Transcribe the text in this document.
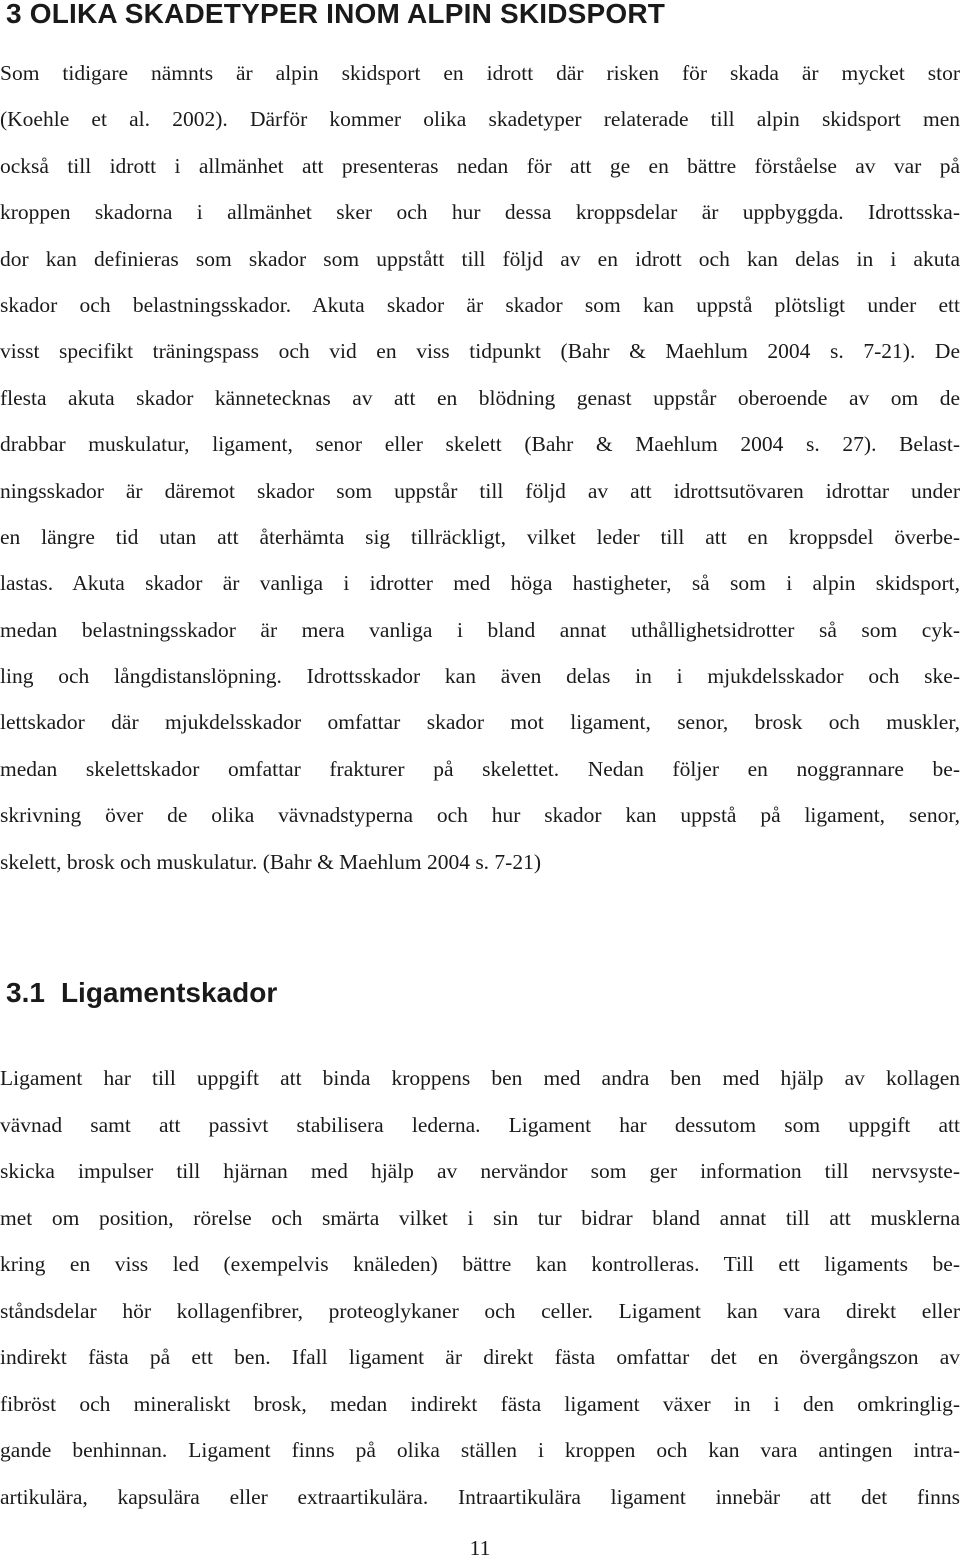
3 OLIKA SKADETYPER INOM ALPIN SKIDSPORT
Som tidigare nämnts är alpin skidsport en idrott där risken för skada är mycket stor
(Koehle et al. 2002). Därför kommer olika skadetyper relaterade till alpin skidsport men
också till idrott i allmänhet att presenteras nedan för att ge en bättre förståelse av var på
kroppen skadorna i allmänhet sker och hur dessa kroppsdelar är uppbyggda. Idrottsska-
dor kan definieras som skador som uppstått till följd av en idrott och kan delas in i akuta
skador och belastningsskador. Akuta skador är skador som kan uppstå plötsligt under ett
visst specifikt träningspass och vid en viss tidpunkt (Bahr & Maehlum 2004 s. 7-21). De
flesta akuta skador kännetecknas av att en blödning genast uppstår oberoende av om de
drabbar muskulatur, ligament, senor eller skelett (Bahr & Maehlum 2004 s. 27). Belast-
ningsskador är däremot skador som uppstår till följd av att idrottsutövaren idrottar under
en längre tid utan att återhämta sig tillräckligt, vilket leder till att en kroppsdel överbe-
lastas. Akuta skador är vanliga i idrotter med höga hastigheter, så som i alpin skidsport,
medan belastningsskador är mera vanliga i bland annat uthållighetsidrotter så som cyk-
ling och långdistanslöpning. Idrottsskador kan även delas in i mjukdelsskador och ske-
lettskador där mjukdelsskador omfattar skador mot ligament, senor, brosk och muskler,
medan skelettskador omfattar frakturer på skelettet. Nedan följer en noggrannare be-
skrivning över de olika vävnadstyperna och hur skador kan uppstå på ligament, senor,
skelett, brosk och muskulatur. (Bahr & Maehlum 2004 s. 7-21)
3.1 Ligamentskador
Ligament har till uppgift att binda kroppens ben med andra ben med hjälp av kollagen
vävnad samt att passivt stabilisera lederna. Ligament har dessutom som uppgift att
skicka impulser till hjärnan med hjälp av nervändor som ger information till nervsyste-
met om position, rörelse och smärta vilket i sin tur bidrar bland annat till att musklerna
kring en viss led (exempelvis knäleden) bättre kan kontrolleras. Till ett ligaments be-
ståndsdelar hör kollagenfibrer, proteoglykaner och celler. Ligament kan vara direkt eller
indirekt fästa på ett ben. Ifall ligament är direkt fästa omfattar det en övergångszon av
fibröst och mineraliskt brosk, medan indirekt fästa ligament växer in i den omkringlig-
gande benhinnan. Ligament finns på olika ställen i kroppen och kan vara antingen intra-
artikulära, kapsulära eller extraartikulära. Intraartikulära ligament innebär att det finns
11
